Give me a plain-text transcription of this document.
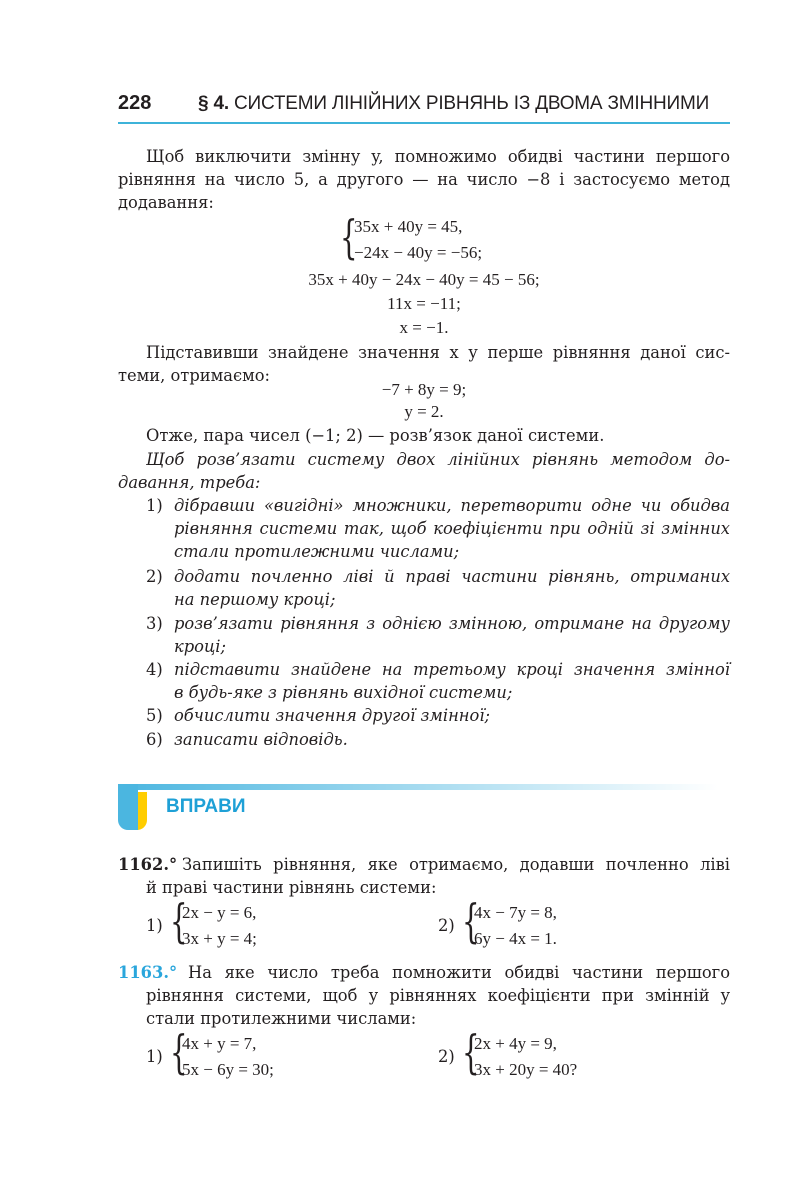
228 § 4. СИСТЕМИ ЛІНІЙНИХ РІВНЯНЬ ІЗ ДВОМА ЗМІННИМИ
Щоб виключити змінну y, помножимо обидві частини першого
рівняння на число 5, а другого — на число −8 і застосуємо метод
додавання:
{
35x + 40y = 45,
−24x − 40y = −56;
35x + 40y − 24x − 40y = 45 − 56;
11x = −11;
x = −1.
Підставивши знайдене значення x у перше рівняння даної сис-
теми, отримаємо:
−7 + 8y = 9;
y = 2.
Отже, пара чисел (−1; 2) — розв’язок даної системи.
Щоб розв’язати систему двох лінійних рівнянь методом до-
давання, треба:
1) дібравши «вигідні» множники, перетворити одне чи обидва
рівняння системи так, щоб коефіцієнти при одній зі змінних
стали протилежними числами;
2) додати почленно ліві й праві частини рівнянь, отриманих
на першому кроці;
3) розв’язати рівняння з однією змінною, отримане на другому
кроці;
4) підставити знайдене на третьому кроці значення змінної
в будь-яке з рівнянь вихідної системи;
5) обчислити значення другої змінної;
6) записати відповідь.
ВПРАВИ
1162.° Запишіть рівняння, яке отримаємо, додавши почленно ліві
й праві частини рівнянь системи:
1) {
2x − y = 6,
3x + y = 4;
2) {
4x − 7y = 8,
6y − 4x = 1.
1163.° На яке число треба помножити обидві частини першого
рівняння системи, щоб у рівняннях коефіцієнти при змінній y
стали протилежними числами:
1) {
4x + y = 7,
5x − 6y = 30;
2) {
2x + 4y = 9,
3x + 20y = 40?
